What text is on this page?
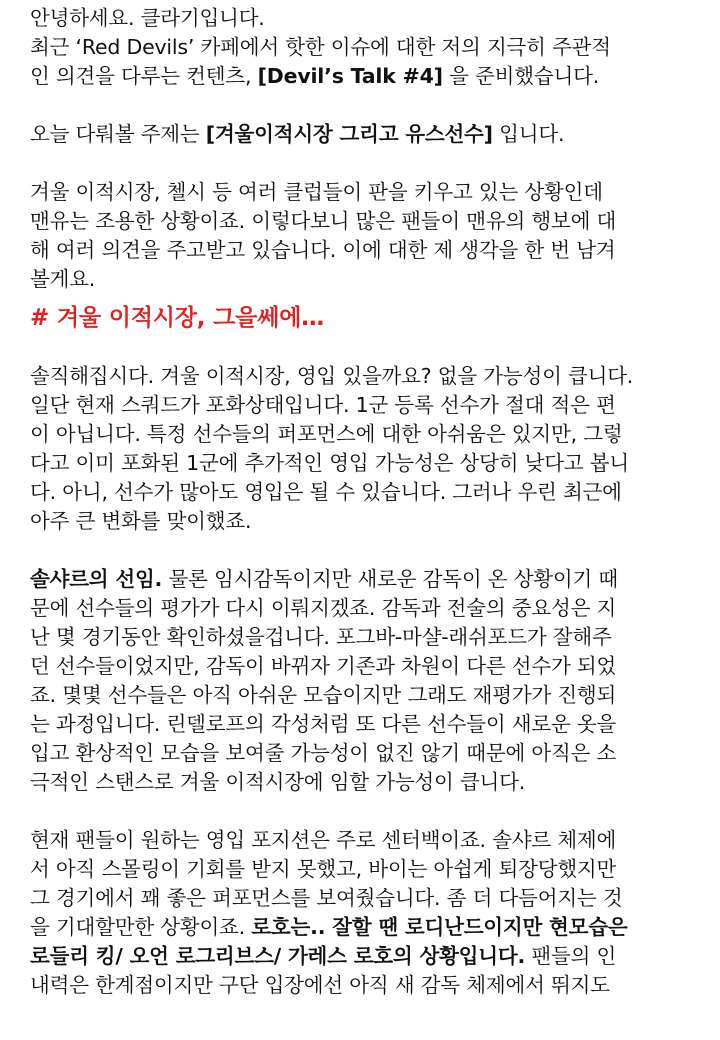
안녕하세요. 클라기입니다.
최근 ‘Red Devils’ 카페에서 핫한 이슈에 대한 저의 지극히 주관적
인 의견을 다루는 컨텐츠, [Devil’s Talk #4] 을 준비했습니다.
오늘 다뤄볼 주제는 [겨울이적시장 그리고 유스선수] 입니다.
겨울 이적시장, 첼시 등 여러 클럽들이 판을 키우고 있는 상황인데
맨유는 조용한 상황이죠. 이렇다보니 많은 팬들이 맨유의 행보에 대
해 여러 의견을 주고받고 있습니다. 이에 대한 제 생각을 한 번 남겨
볼게요.
# 겨울 이적시장, 그을쎄에…
솔직해집시다. 겨울 이적시장, 영입 있을까요? 없을 가능성이 큽니다.
일단 현재 스쿼드가 포화상태입니다. 1군 등록 선수가 절대 적은 편
이 아닙니다. 특정 선수들의 퍼포먼스에 대한 아쉬움은 있지만, 그렇
다고 이미 포화된 1군에 추가적인 영입 가능성은 상당히 낮다고 봅니
다. 아니, 선수가 많아도 영입은 될 수 있습니다. 그러나 우린 최근에
아주 큰 변화를 맞이했죠.
솔샤르의 선임. 물론 임시감독이지만 새로운 감독이 온 상황이기 때
문에 선수들의 평가가 다시 이뤄지겠죠. 감독과 전술의 중요성은 지
난 몇 경기동안 확인하셨을겁니다. 포그바-마샬-래쉬포드가 잘해주
던 선수들이었지만, 감독이 바뀌자 기존과 차원이 다른 선수가 되었
죠. 몇몇 선수들은 아직 아쉬운 모습이지만 그래도 재평가가 진행되
는 과정입니다. 린델로프의 각성처럼 또 다른 선수들이 새로운 옷을
입고 환상적인 모습을 보여줄 가능성이 없진 않기 때문에 아직은 소
극적인 스탠스로 겨울 이적시장에 임할 가능성이 큽니다.
현재 팬들이 원하는 영입 포지션은 주로 센터백이죠. 솔샤르 체제에
서 아직 스몰링이 기회를 받지 못했고, 바이는 아쉽게 퇴장당했지만
그 경기에서 꽤 좋은 퍼포먼스를 보여줬습니다. 좀 더 다듬어지는 것
을 기대할만한 상황이죠. 로호는.. 잘할 땐 로디난드이지만 현모습은
로들리 킹/ 오언 로그리브스/ 가레스 로호의 상황입니다. 팬들의 인
내력은 한계점이지만 구단 입장에선 아직 새 감독 체제에서 뛰지도
